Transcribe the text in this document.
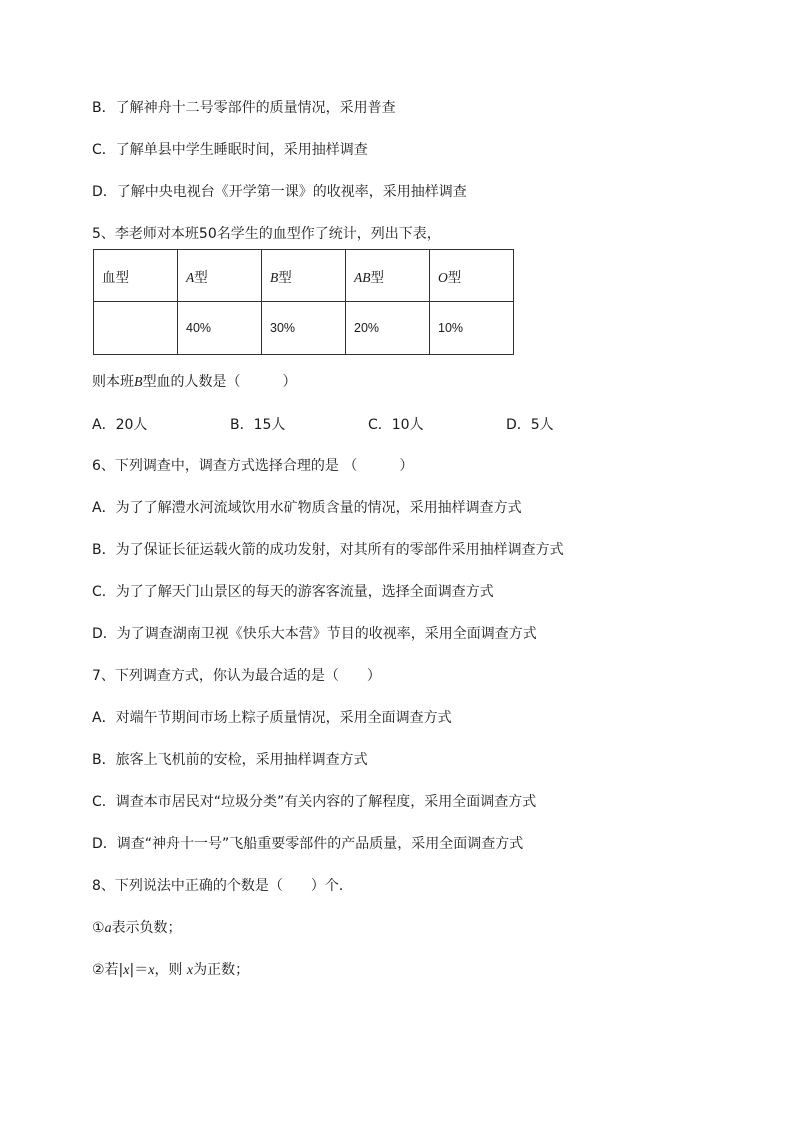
B．了解神舟十二号零部件的质量情况，采用普查
C．了解单县中学生睡眠时间，采用抽样调查
D．了解中央电视台《开学第一课》的收视率，采用抽样调查
5、李老师对本班50名学生的血型作了统计，列出下表，
血型	A型	B型	AB型	O型
	40%	30%	20%	10%
则本班B型血的人数是（　　　）
A．20人	B．15人	C．10人	D．5人
6、下列调查中，调查方式选择合理的是 （　　　）
A．为了了解澧水河流域饮用水矿物质含量的情况，采用抽样调查方式
B．为了保证长征运载火箭的成功发射，对其所有的零部件采用抽样调查方式
C．为了了解天门山景区的每天的游客客流量，选择全面调查方式
D．为了调查湖南卫视《快乐大本营》节目的收视率，采用全面调查方式
7、下列调查方式，你认为最合适的是（　　）
A．对端午节期间市场上粽子质量情况，采用全面调查方式
B．旅客上飞机前的安检，采用抽样调查方式
C．调查本市居民对“垃圾分类”有关内容的了解程度，采用全面调查方式
D．调查“神舟十一号”飞船重要零部件的产品质量，采用全面调查方式
8、下列说法中正确的个数是（　　）个．
①a表示负数；
②若|x|＝x，则 x为正数；
